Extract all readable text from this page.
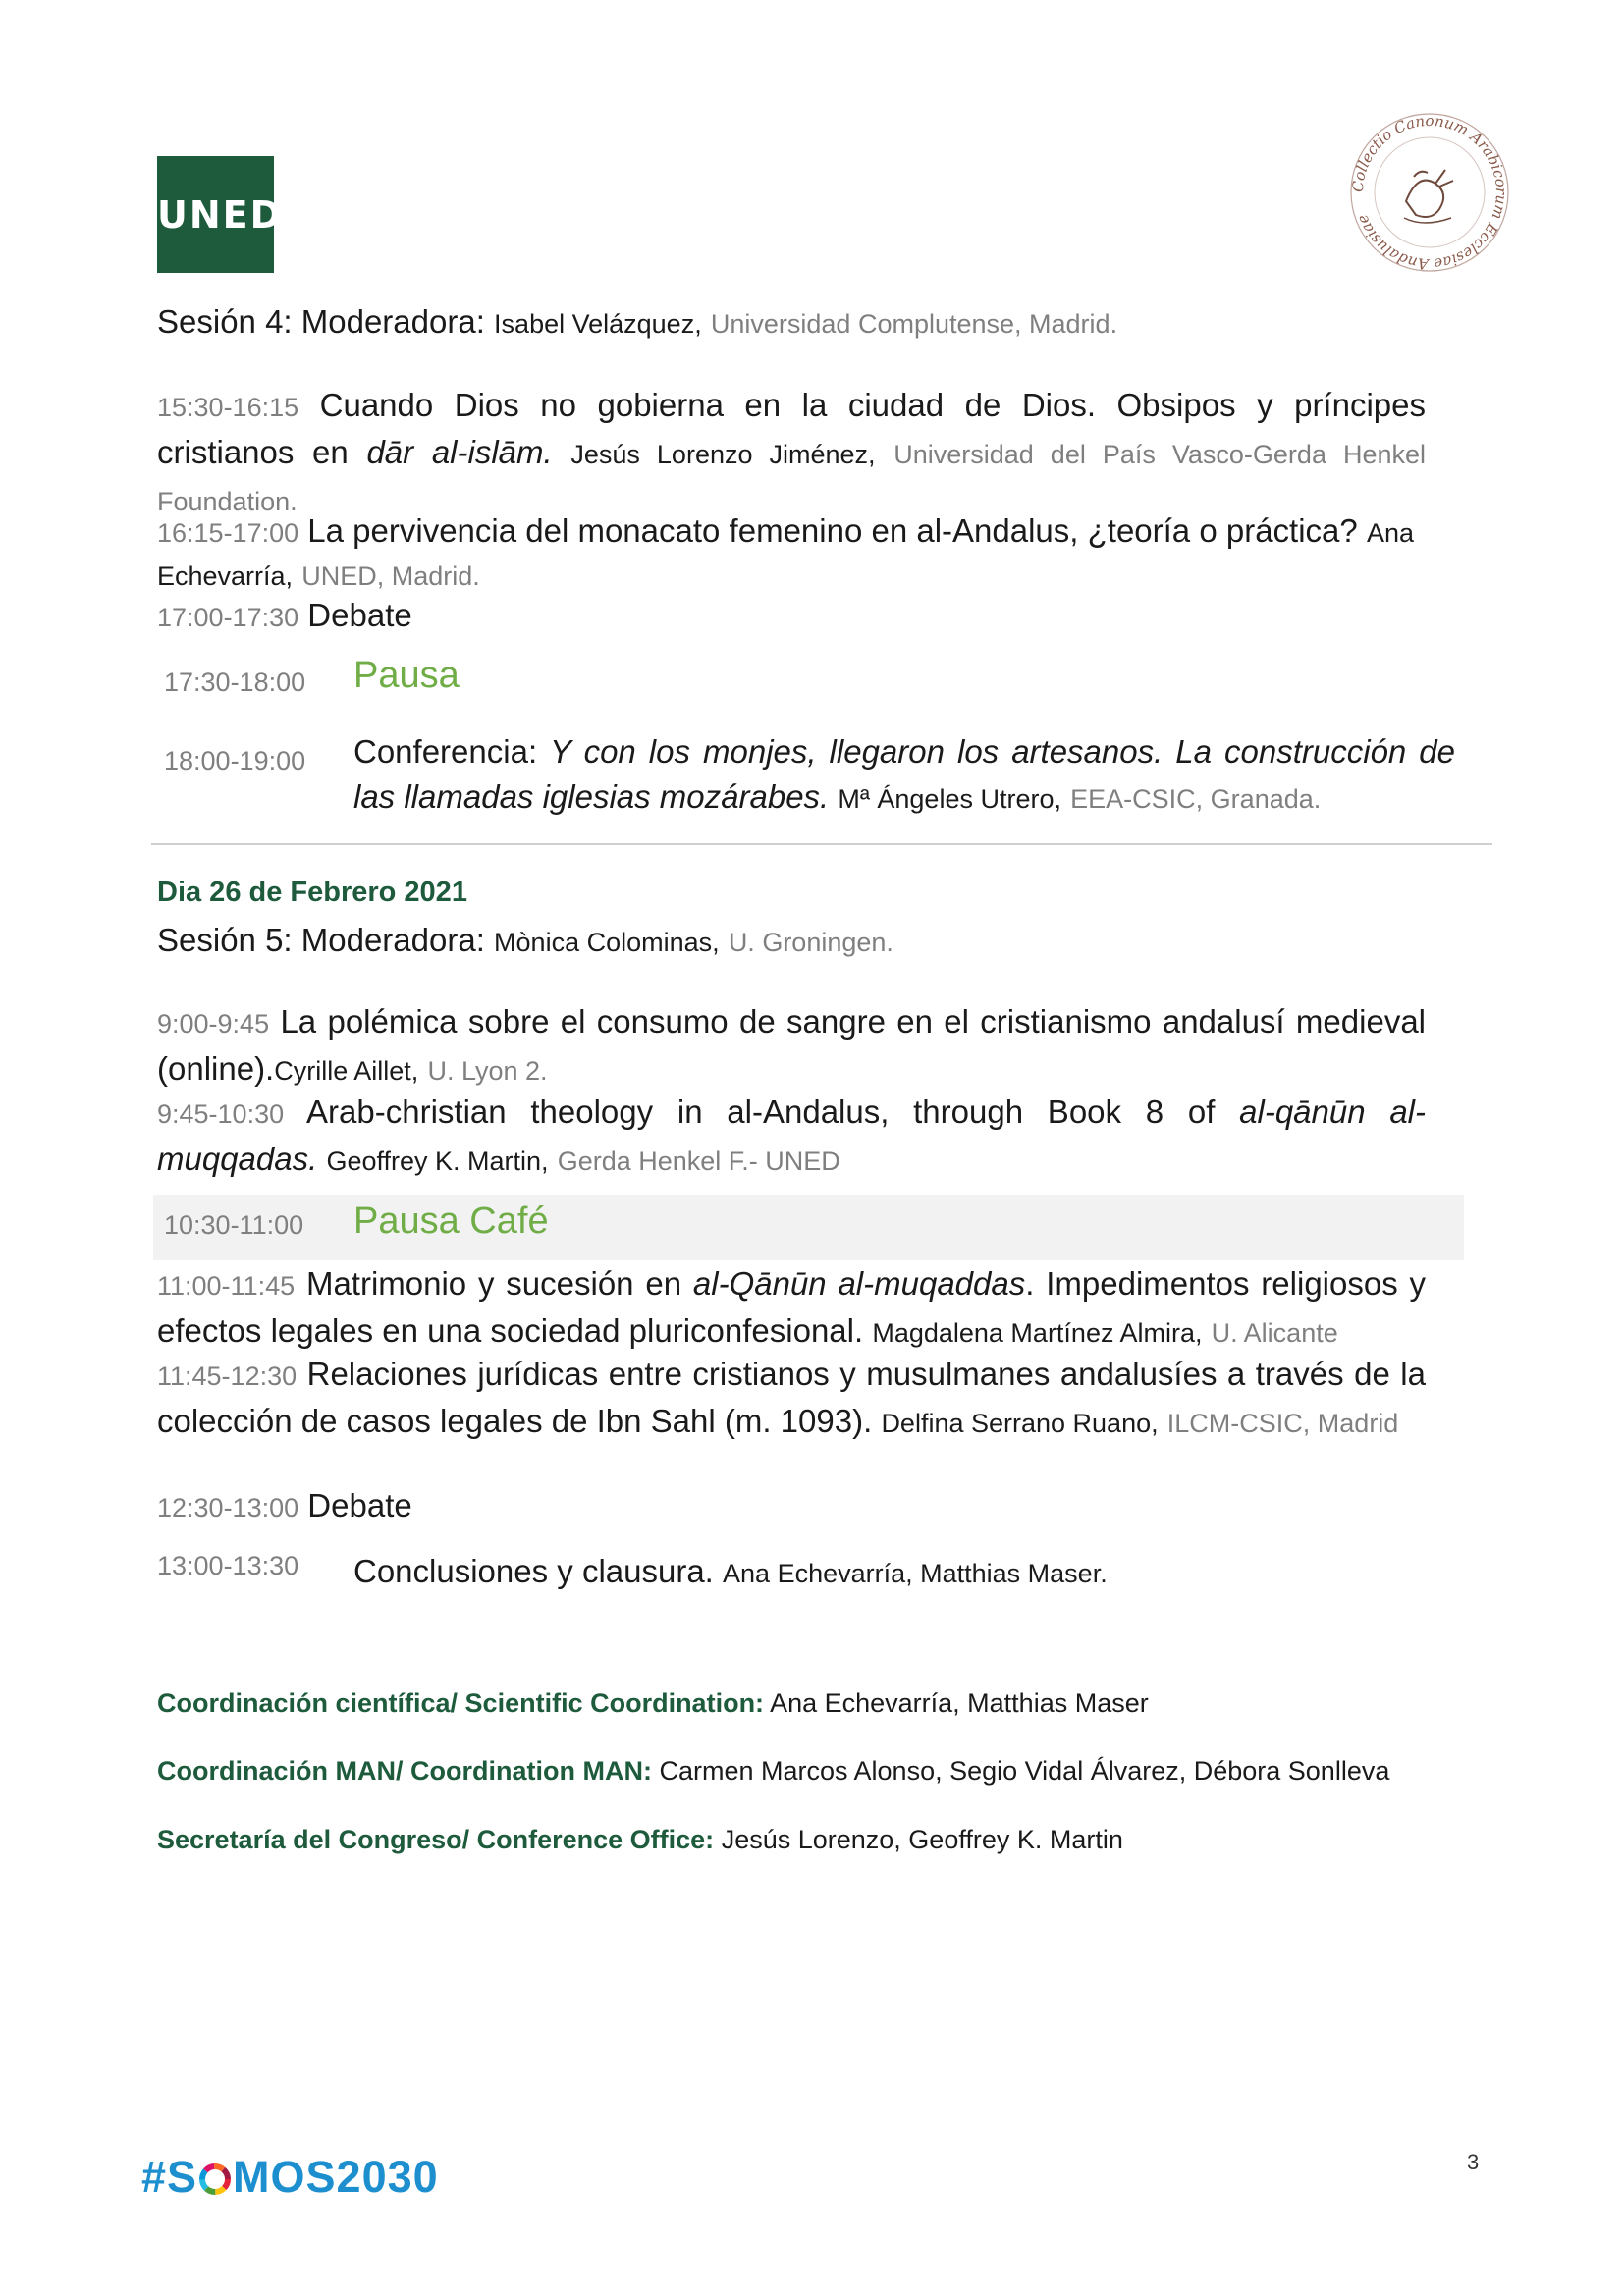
UNED
Collectio Canonum Arabicorum Ecclesiae Andalusiae

Sesión 4: Moderadora: Isabel Velázquez, Universidad Complutense, Madrid.

15:30-16:15 Cuando Dios no gobierna en la ciudad de Dios. Obsipos y príncipes cristianos en dār al-islām. Jesús Lorenzo Jiménez, Universidad del País Vasco-Gerda Henkel Foundation.

16:15-17:00 La pervivencia del monacato femenino en al-Andalus, ¿teoría o práctica? Ana Echevarría, UNED, Madrid.

17:00-17:30 Debate

17:30-18:00 Pausa
18:00-19:00 Conferencia: Y con los monjes, llegaron los artesanos. La construcción de las llamadas iglesias mozárabes. Mª Ángeles Utrero, EEA-CSIC, Granada.

Dia 26 de Febrero 2021

Sesión 5: Moderadora: Mònica Colominas, U. Groningen.

9:00-9:45 La polémica sobre el consumo de sangre en el cristianismo andalusí medieval (online).Cyrille Aillet, U. Lyon 2.

9:45-10:30 Arab-christian theology in al-Andalus, through Book 8 of al-qānūn al-muqqadas. Geoffrey K. Martin, Gerda Henkel F.- UNED

10:30-11:00 Pausa Café

11:00-11:45 Matrimonio y sucesión en al-Qānūn al-muqaddas. Impedimentos religiosos y efectos legales en una sociedad pluriconfesional. Magdalena Martínez Almira, U. Alicante

11:45-12:30 Relaciones jurídicas entre cristianos y musulmanes andalusíes a través de la colección de casos legales de Ibn Sahl (m. 1093). Delfina Serrano Ruano, ILCM-CSIC, Madrid

12:30-13:00 Debate

13:00-13:30 Conclusiones y clausura. Ana Echevarría, Matthias Maser.

Coordinación científica/ Scientific Coordination: Ana Echevarría, Matthias Maser
Coordinación MAN/ Coordination MAN: Carmen Marcos Alonso, Segio Vidal Álvarez, Débora Sonlleva
Secretaría del Congreso/ Conference Office: Jesús Lorenzo, Geoffrey K. Martin
#S MOS2030	3
